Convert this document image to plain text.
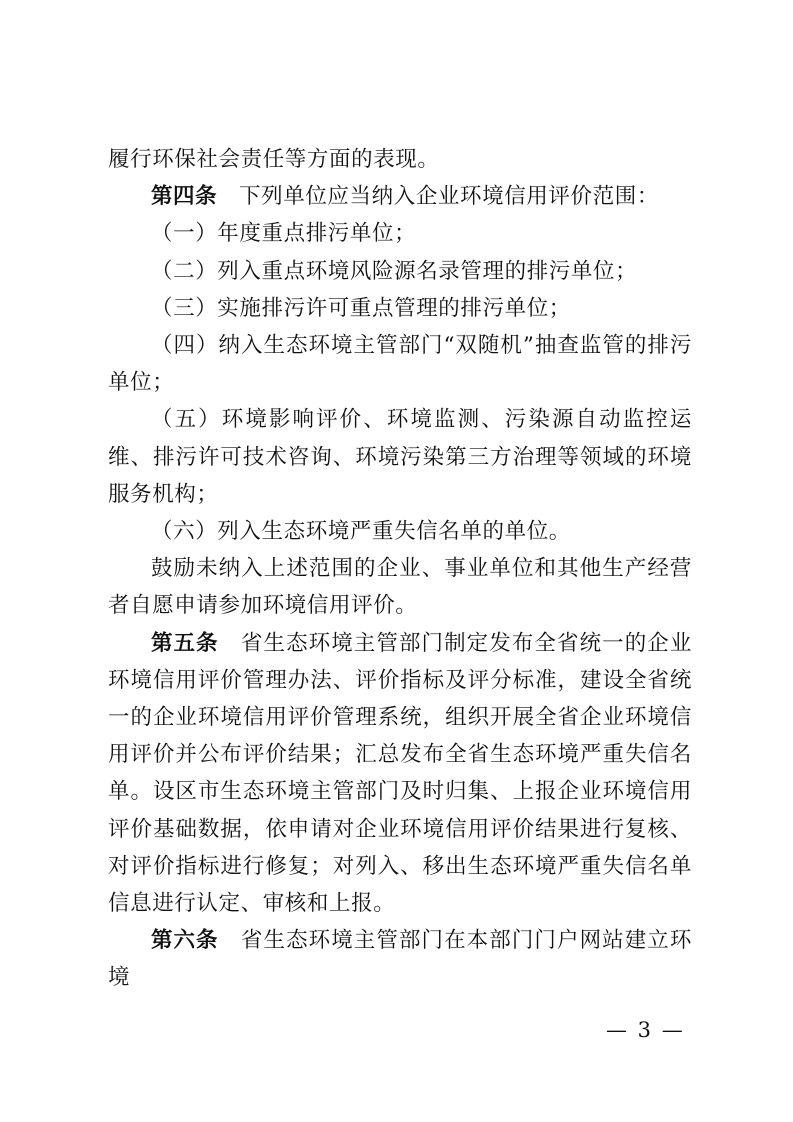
履行环保社会责任等方面的表现。

第四条 下列单位应当纳入企业环境信用评价范围：

（一）年度重点排污单位；

（二）列入重点环境风险源名录管理的排污单位；

（三）实施排污许可重点管理的排污单位；

（四）纳入生态环境主管部门“双随机”抽查监管的排污单位；

（五）环境影响评价、环境监测、污染源自动监控运维、排污许可技术咨询、环境污染第三方治理等领域的环境服务机构；

（六）列入生态环境严重失信名单的单位。

鼓励未纳入上述范围的企业、事业单位和其他生产经营者自愿申请参加环境信用评价。

第五条 省生态环境主管部门制定发布全省统一的企业环境信用评价管理办法、评价指标及评分标准，建设全省统一的企业环境信用评价管理系统，组织开展全省企业环境信用评价并公布评价结果；汇总发布全省生态环境严重失信名单。设区市生态环境主管部门及时归集、上报企业环境信用评价基础数据，依申请对企业环境信用评价结果进行复核、对评价指标进行修复；对列入、移出生态环境严重失信名单信息进行认定、审核和上报。

第六条 省生态环境主管部门在本部门门户网站建立环境

— 3 —
